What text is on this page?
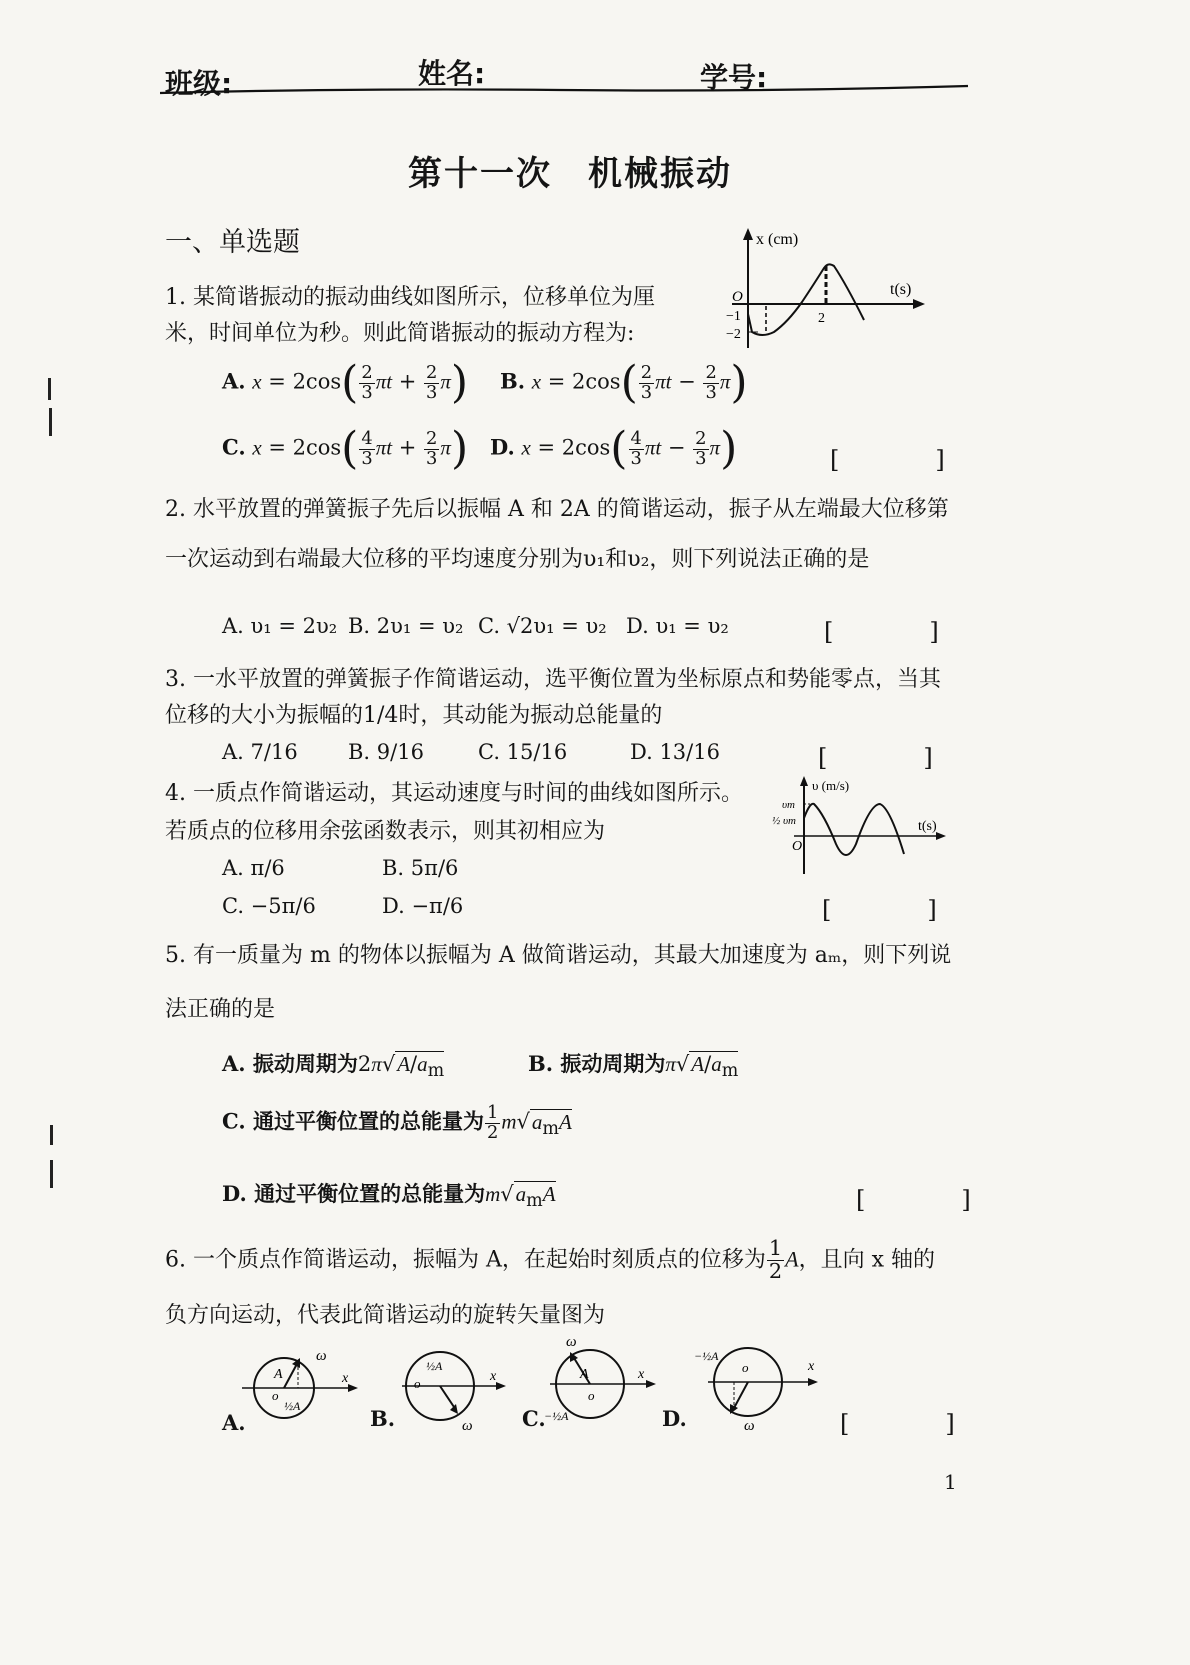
班级:	姓名:	学号:
第十一次　机械振动
一、单选题
1. 某简谐振动的振动曲线如图所示，位移单位为厘
米，时间单位为秒。则此简谐振动的振动方程为:
x (cm)
t(s)
O
−1
−2
2
A. $x = 2\cos( \frac{2}{3}$ $\pi t + \frac{2}{3} \pi$) B. $x = 2\cos( \frac{2}{3}$ $\pi t - \frac{2}{3} \pi$)
C. $x = 2\cos( \frac{4}{3}$ $\pi t + \frac{2}{3} \pi$) D. $x = 2\cos( \frac{4}{3}$ $\pi t - \frac{2}{3} \pi$)	[　　　　]
2. 水平放置的弹簧振子先后以振幅 A 和 2A 的简谐运动，振子从左端最大位移第
一次运动到右端最大位移的平均速度分别为υ₁和υ₂，则下列说法正确的是
A. υ₁ = 2υ₂ B. 2υ₁ = υ₂ C. √2υ₁ = υ₂ D. υ₁ = υ₂	[　　　　]
3. 一水平放置的弹簧振子作简谐运动，选平衡位置为坐标原点和势能零点，当其
位移的大小为振幅的1/4时，其动能为振动总能量的
A. 7/16 B. 9/16	C. 15/16	D. 13/16	[　　　　]
4. 一质点作简谐运动，其运动速度与时间的曲线如图所示。
若质点的位移用余弦函数表示，则其初相应为
υ (m/s)
t(s)
υm
½ υm
O
A. π/6	B. 5π/6
C. −5π/6	D. −π/6	[　　　　]
5. 有一质量为 m 的物体以振幅为 A 做简谐运动，其最大加速度为 aₘ，则下列说
法正确的是
A. 振动周期为$2\pi√A/a_m$	B. 振动周期为$\pi√A/a_m$
C. 通过平衡位置的总能量为 $\frac{1}{2} m√a_mA$
D. 通过平衡位置的总能量为$m√a_mA$	[　　　　]
6. 一个质点作简谐运动，振幅为 A，在起始时刻质点的位移为 $\frac{1}{2}$ A，且向 x 轴的
负方向运动，代表此简谐运动的旋转矢量图为
ω
x
A
o
½A
A.
½A
o	x
ω
B.
ω
A
o
x
−½A
C.
−½A
o	x
ω
D.	[　　　　]
1
